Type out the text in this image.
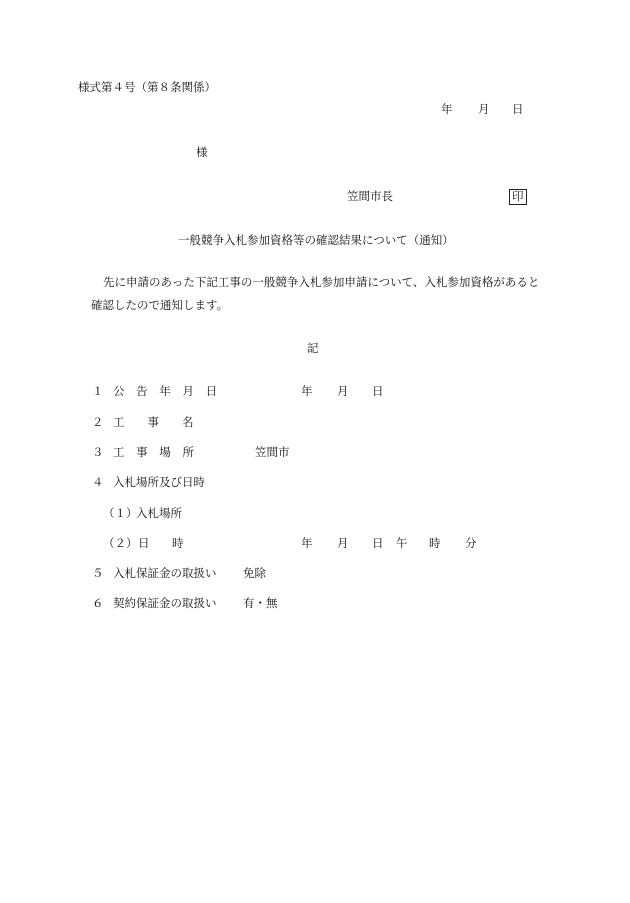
様式第４号（第８条関係）
年 月 日
様
笠間市長	印
一般競争入札参加資格等の確認結果について（通知）
先に申請のあった下記工事の一般競争入札参加申請について、入札参加資格があると
確認したので通知します。
記
１ 公 告 年 月 日	年 月 日
２ 工　　事　　名
３ 工 事 場 所	笠間市
４ 入札場所及び日時
（１）
入札場所
（２） 日 時	年 月 日 午 時 分
５ 入札保証金の取扱い 免除
６ 契約保証金の取扱い 有・無
